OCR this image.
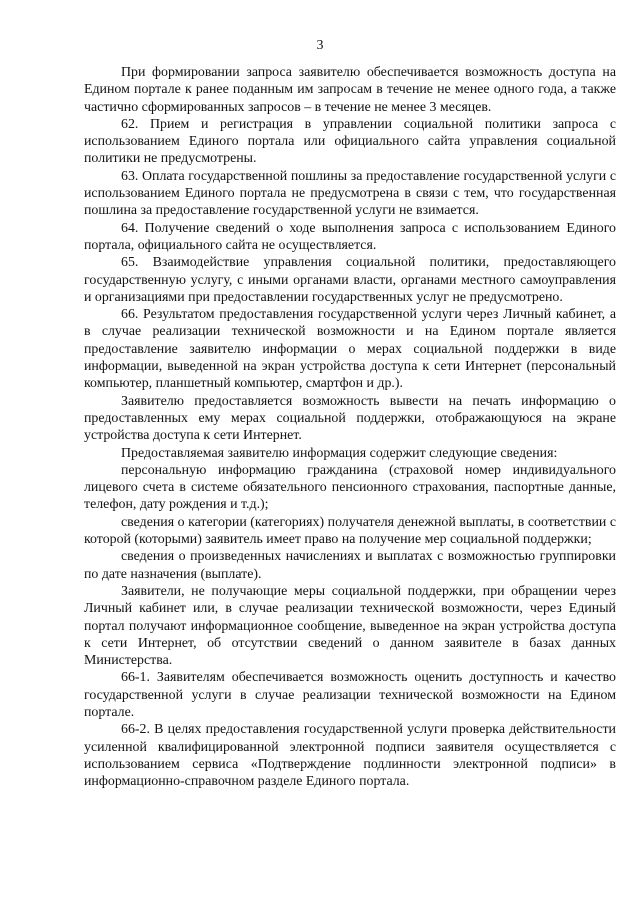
3

При формировании запроса заявителю обеспечивается возможность доступа на Едином портале к ранее поданным им запросам в течение не менее одного года, а также частично сформированных запросов – в течение не менее 3 месяцев.

62. Прием и регистрация в управлении социальной политики запроса с использованием Единого портала или официального сайта управления социальной политики не предусмотрены.

63. Оплата государственной пошлины за предоставление государственной услуги с использованием Единого портала не предусмотрена в связи с тем, что государственная пошлина за предоставление государственной услуги не взимается.

64. Получение сведений о ходе выполнения запроса с использованием Единого портала, официального сайта не осуществляется.

65. Взаимодействие управления социальной политики, предоставляющего государственную услугу, с иными органами власти, органами местного самоуправления и организациями при предоставлении государственных услуг не предусмотрено.

66. Результатом предоставления государственной услуги через Личный кабинет, а в случае реализации технической возможности и на Едином портале является предоставление заявителю информации о мерах социальной поддержки в виде информации, выведенной на экран устройства доступа к сети Интернет (персональный компьютер, планшетный компьютер, смартфон и др.).

Заявителю предоставляется возможность вывести на печать информацию о предоставленных ему мерах социальной поддержки, отображающуюся на экране устройства доступа к сети Интернет.

Предоставляемая заявителю информация содержит следующие сведения:

персональную информацию гражданина (страховой номер индивидуального лицевого счета в системе обязательного пенсионного страхования, паспортные данные, телефон, дату рождения и т.д.);

сведения о категории (категориях) получателя денежной выплаты, в соответствии с которой (которыми) заявитель имеет право на получение мер социальной поддержки;

сведения о произведенных начислениях и выплатах с возможностью группировки по дате назначения (выплате).

Заявители, не получающие меры социальной поддержки, при обращении через Личный кабинет или, в случае реализации технической возможности, через Единый портал получают информационное сообщение, выведенное на экран устройства доступа к сети Интернет, об отсутствии сведений о данном заявителе в базах данных Министерства.

66-1. Заявителям обеспечивается возможность оценить доступность и качество государственной услуги в случае реализации технической возможности на Едином портале.

66-2. В целях предоставления государственной услуги проверка действительности усиленной квалифицированной электронной подписи заявителя осуществляется с использованием сервиса «Подтверждение подлинности электронной подписи» в информационно-справочном разделе Единого портала.
